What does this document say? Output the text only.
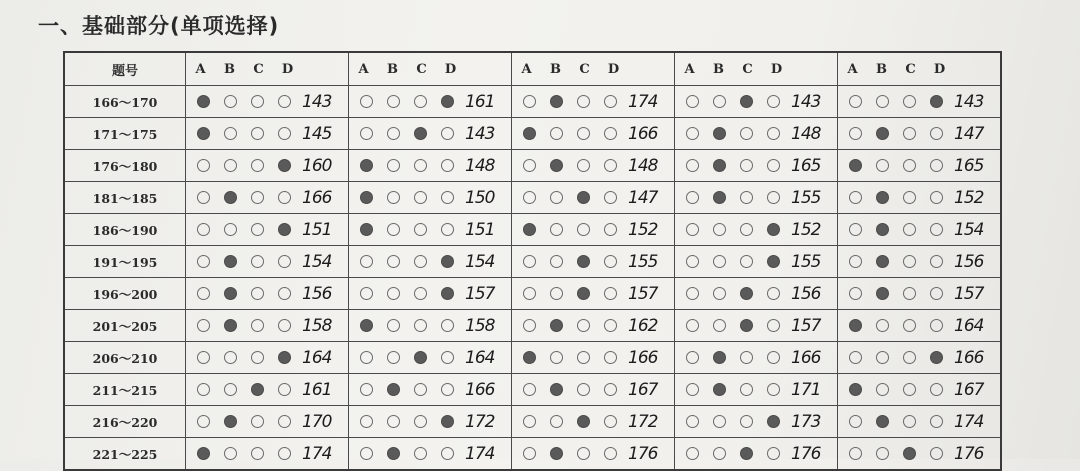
一、基础部分(单项选择)
题号	A B C D		A B C D		A B C D		A B C D		A B C D	
166～170		143		161		174		143		143
171～175		145		143		166		148		147
176～180		160		148		148		165		165
181～185		166		150		147		155		152
186～190		151		151		152		152		154
191～195		154		154		155		155		156
196～200		156		157		157		156		157
201～205		158		158		162		157		164
206～210		164		164		166		166		166
211～215		161		166		167		171		167
216～220		170		172		172		173		174
221～225		174		174		176		176		176
